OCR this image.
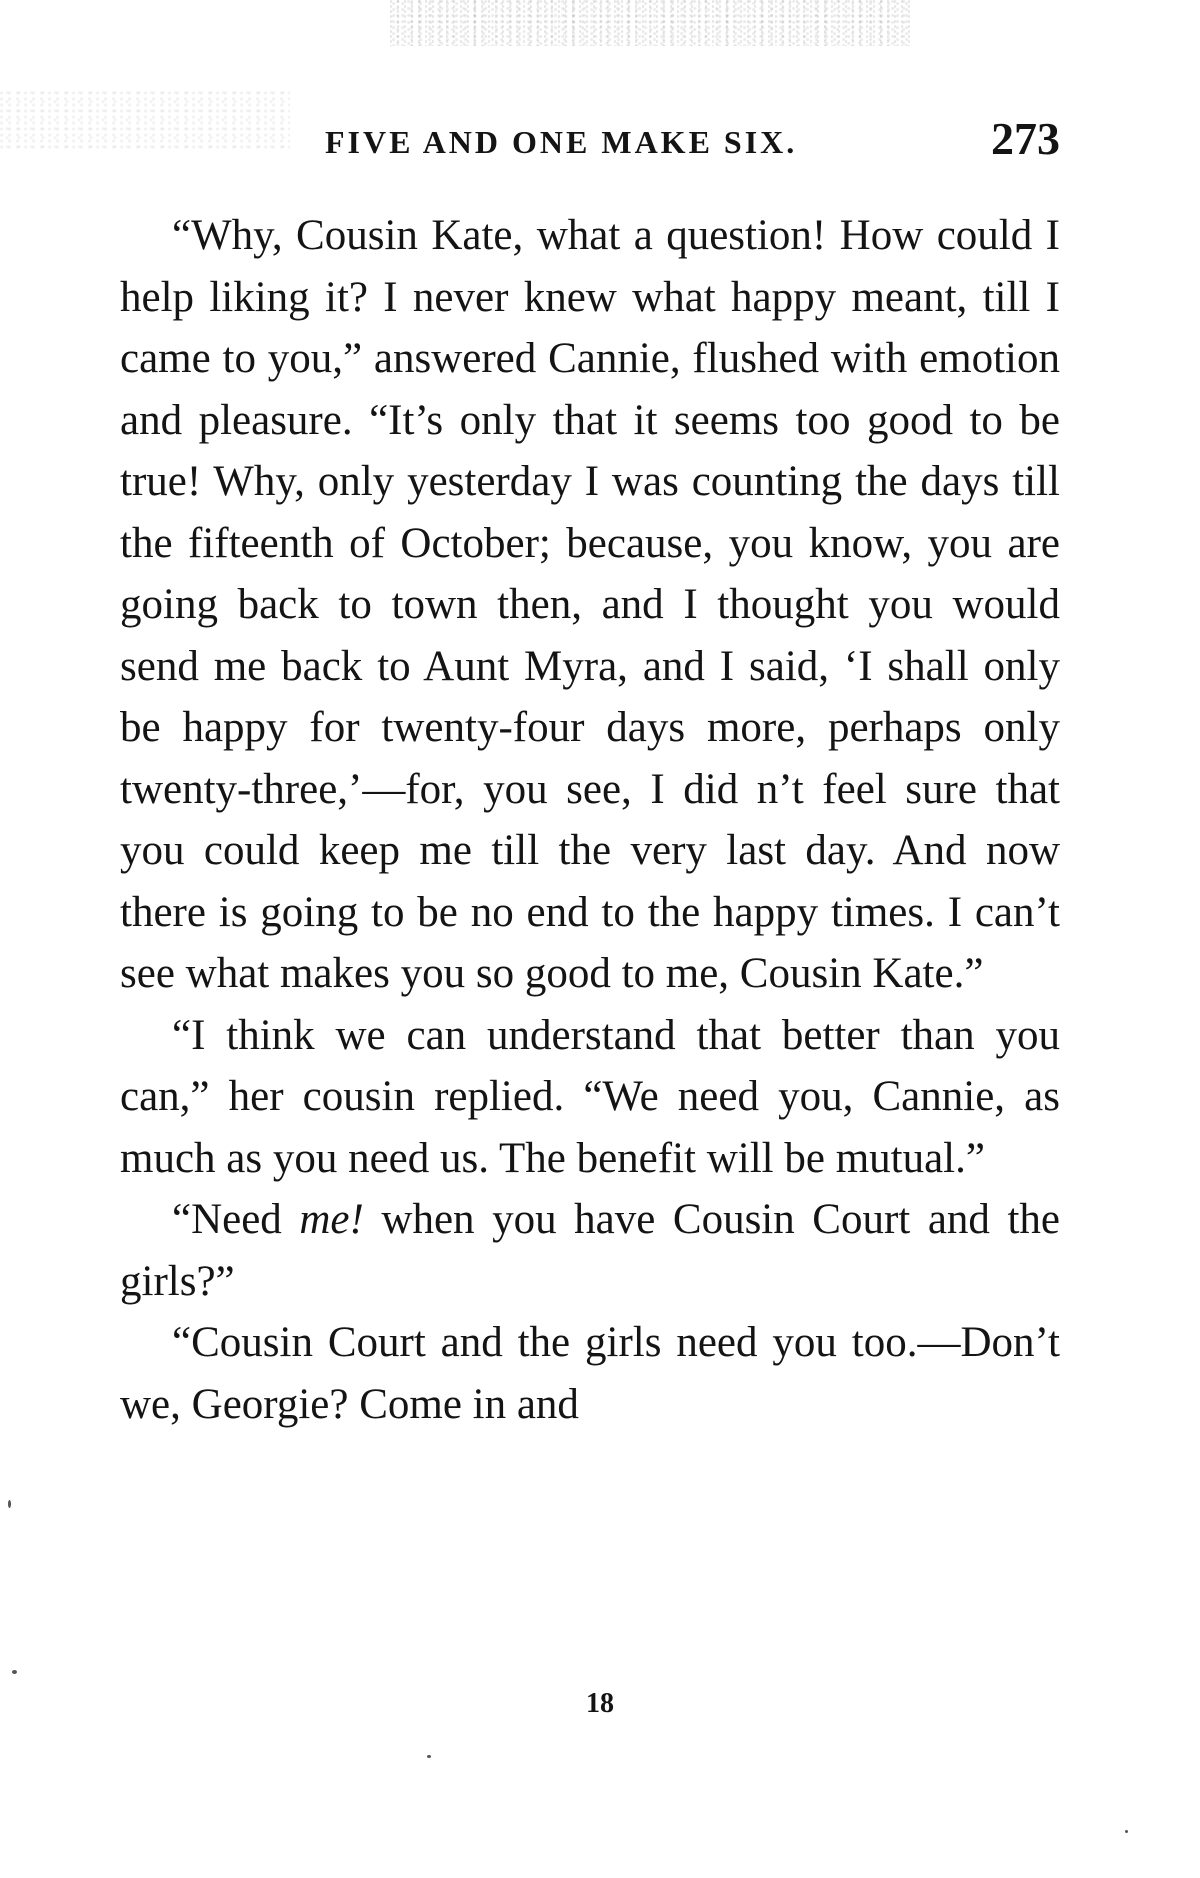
FIVE AND ONE MAKE SIX.	273

“Why, Cousin Kate, what a question! How could I help liking it? I never knew what happy meant, till I came to you,” answered Cannie, flushed with emotion and pleasure. “It’s only that it seems too good to be true! Why, only yesterday I was counting the days till the fifteenth of October; because, you know, you are going back to town then, and I thought you would send me back to Aunt Myra, and I said, ‘I shall only be happy for twenty-four days more, perhaps only twenty-three,’—for, you see, I did n’t feel sure that you could keep me till the very last day. And now there is going to be no end to the happy times. I can’t see what makes you so good to me, Cousin Kate.”

“I think we can understand that better than you can,” her cousin replied. “We need you, Cannie, as much as you need us. The benefit will be mutual.”

“Need me! when you have Cousin Court and the girls?”

“Cousin Court and the girls need you too.—Don’t we, Georgie? Come in and

18
